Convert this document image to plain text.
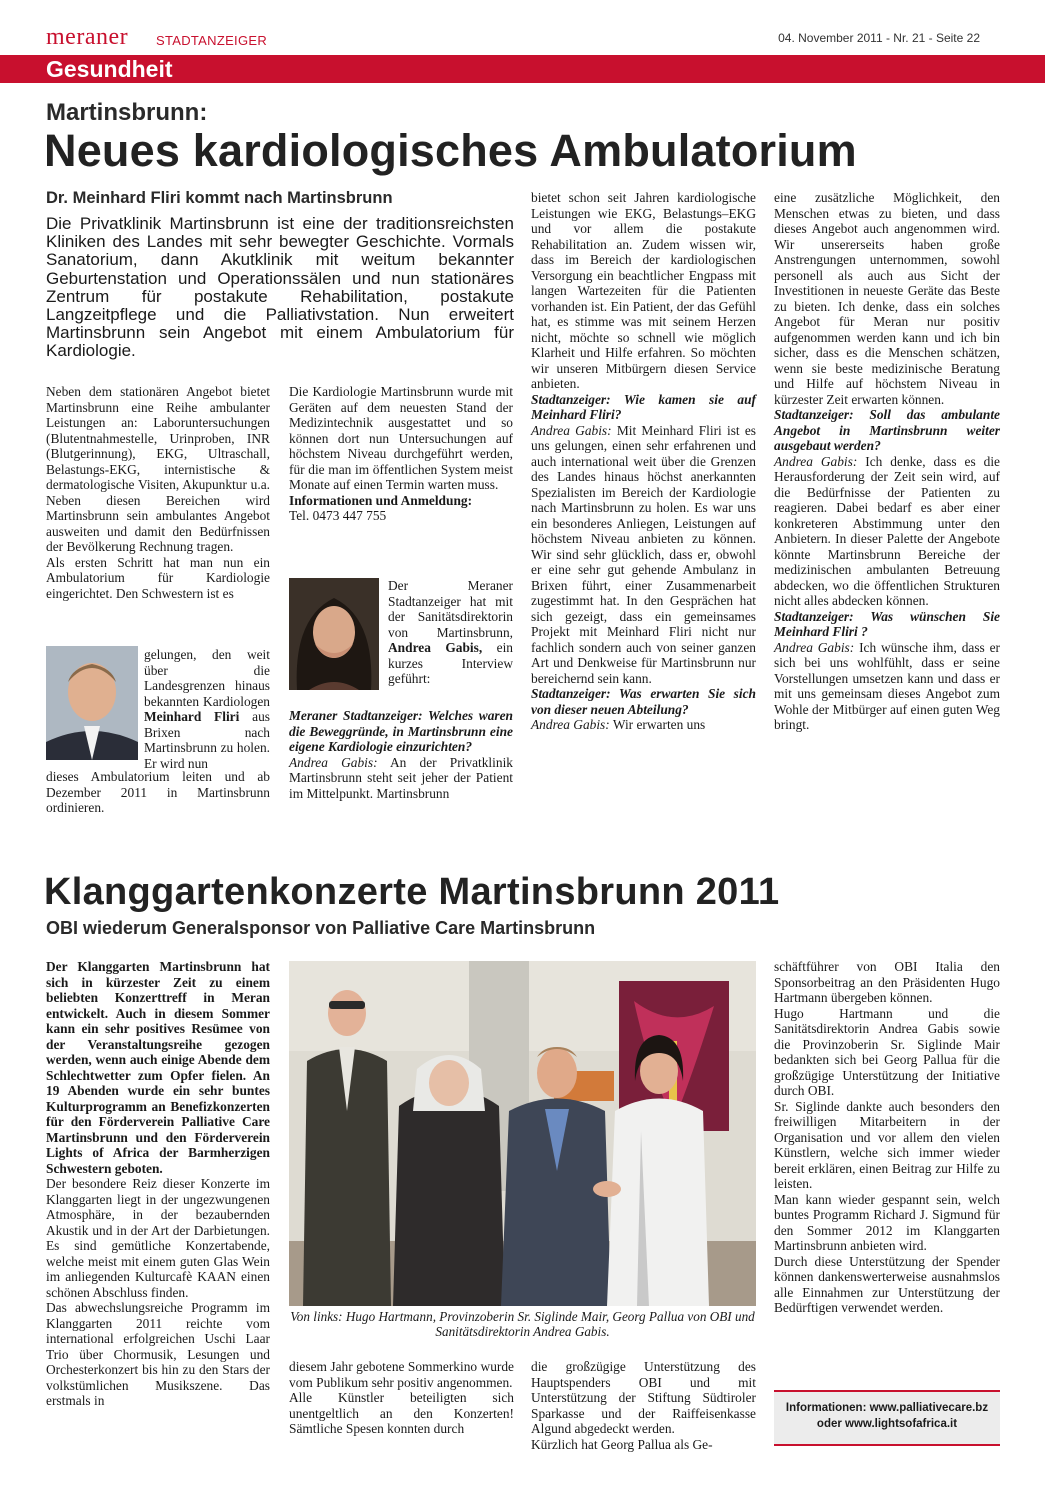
meraner STADTANZEIGER	04. November 2011 - Nr. 21 - Seite 22
Gesundheit
Martinsbrunn:
Neues kardiologisches Ambulatorium
Dr. Meinhard Fliri kommt nach Martinsbrunn
Die Privatklinik Martinsbrunn ist eine der traditionsreichsten Kliniken des Landes mit sehr bewegter Geschichte. Vormals Sanatorium, dann Akutklinik mit weitum bekannter Geburtenstation und Operationssälen und nun stationäres Zentrum für postakute Rehabilitation, postakute Langzeitpflege und die Palliativstation. Nun erweitert Martinsbrunn sein Angebot mit einem Ambulatorium für Kardiologie.

Neben dem stationären Angebot bietet Martinsbrunn eine Reihe ambulanter Leistungen an: Laboruntersuchungen (Blutentnahmestelle, Urinproben, INR (Blutgerinnung), EKG, Ultraschall, Belastungs-EKG, internistische & dermatologische Visiten, Akupunktur u.a. Neben diesen Bereichen wird Martinsbrunn sein ambulantes Angebot ausweiten und damit den Bedürfnissen der Bevölkerung Rechnung tragen.

Als ersten Schritt hat man nun ein Ambulatorium für Kardiologie eingerichtet. Den Schwestern ist es

gelungen, den weit über die Landesgrenzen hinaus bekannten Kardiologen Meinhard Fliri aus Brixen nach Martinsbrunn zu holen. Er wird nun

dieses Ambulatorium leiten und ab Dezember 2011 in Martinsbrunn ordinieren.

Die Kardiologie Martinsbrunn wurde mit Geräten auf dem neuesten Stand der Medizintechnik ausgestattet und so können dort nun Untersuchungen auf höchstem Niveau durchgeführt werden, für die man im öffentlichen System meist Monate auf einen Termin warten muss.

Informationen und Anmeldung:

Tel. 0473 447 755

Der Meraner Stadtanzeiger hat mit der Sanitätsdirektorin von Martinsbrunn, Andrea Gabis, ein kurzes Interview geführt:

Meraner Stadtanzeiger: Welches waren die Beweggründe, in Martinsbrunn eine eigene Kardiologie einzurichten?

Andrea Gabis: An der Privatklinik Martinsbrunn steht seit jeher der Patient im Mittelpunkt. Martinsbrunn

bietet schon seit Jahren kardiologische Leistungen wie EKG, Belastungs–EKG und vor allem die postakute Rehabilitation an. Zudem wissen wir, dass im Bereich der kardiologischen Versorgung ein beachtlicher Engpass mit langen Wartezeiten für die Patienten vorhanden ist. Ein Patient, der das Gefühl hat, es stimme was mit seinem Herzen nicht, möchte so schnell wie möglich Klarheit und Hilfe erfahren. So möchten wir unseren Mitbürgern diesen Service anbieten.

Stadtanzeiger: Wie kamen sie auf Meinhard Fliri?

Andrea Gabis: Mit Meinhard Fliri ist es uns gelungen, einen sehr erfahrenen und auch international weit über die Grenzen des Landes hinaus höchst anerkannten Spezialisten im Bereich der Kardiologie nach Martinsbrunn zu holen. Es war uns ein besonderes Anliegen, Leistungen auf höchstem Niveau anbieten zu können. Wir sind sehr glücklich, dass er, obwohl er eine sehr gut gehende Ambulanz in Brixen führt, einer Zusammenarbeit zugestimmt hat. In den Gesprächen hat sich gezeigt, dass ein gemeinsames Projekt mit Meinhard Fliri nicht nur fachlich sondern auch von seiner ganzen Art und Denkweise für Martinsbrunn nur bereichernd sein kann.

Stadtanzeiger: Was erwarten Sie sich von dieser neuen Abteilung?

Andrea Gabis: Wir erwarten uns

eine zusätzliche Möglichkeit, den Menschen etwas zu bieten, und dass dieses Angebot auch angenommen wird. Wir unsererseits haben große Anstrengungen unternommen, sowohl personell als auch aus Sicht der Investitionen in neueste Geräte das Beste zu bieten. Ich denke, dass ein solches Angebot für Meran nur positiv aufgenommen werden kann und ich bin sicher, dass es die Menschen schätzen, wenn sie beste medizinische Beratung und Hilfe auf höchstem Niveau in kürzester Zeit erwarten können.

Stadtanzeiger: Soll das ambulante Angebot in Martinsbrunn weiter ausgebaut werden?

Andrea Gabis: Ich denke, dass es die Herausforderung der Zeit sein wird, auf die Bedürfnisse der Patienten zu reagieren. Dabei bedarf es aber einer konkreteren Abstimmung unter den Anbietern. In dieser Palette der Angebote könnte Martinsbrunn Bereiche der medizinischen ambulanten Betreuung abdecken, wo die öffentlichen Strukturen nicht alles abdecken können.

Stadtanzeiger: Was wünschen Sie Meinhard Fliri ?

Andrea Gabis: Ich wünsche ihm, dass er sich bei uns wohlfühlt, dass er seine Vorstellungen umsetzen kann und dass er mit uns gemeinsam dieses Angebot zum Wohle der Mitbürger auf einen guten Weg bringt.

Klanggartenkonzerte Martinsbrunn 2011
OBI wiederum Generalsponsor von Palliative Care Martinsbrunn

Der Klanggarten Martinsbrunn hat sich in kürzester Zeit zu einem beliebten Konzerttreff in Meran entwickelt. Auch in diesem Sommer kann ein sehr positives Resümee von der Veranstaltungsreihe gezogen werden, wenn auch einige Abende dem Schlechtwetter zum Opfer fielen. An 19 Abenden wurde ein sehr buntes Kulturprogramm an Benefizkonzerten für den Förderverein Palliative Care Martinsbrunn und den Förderverein Lights of Africa der Barmherzigen Schwestern geboten.

Der besondere Reiz dieser Konzerte im Klanggarten liegt in der ungezwungenen Atmosphäre, in der bezaubernden Akustik und in der Art der Darbietungen. Es sind gemütliche Konzertabende, welche meist mit einem guten Glas Wein im anliegenden Kulturcafè KAAN einen schönen Abschluss finden.

Das abwechslungsreiche Programm im Klanggarten 2011 reichte vom international erfolgreichen Uschi Laar Trio über Chormusik, Lesungen und Orchesterkonzert bis hin zu den Stars der volkstümlichen Musikszene. Das erstmals in

Von links: Hugo Hartmann, Provinzoberin Sr. Siglinde Mair, Georg Pallua von OBI und Sanitätsdirektorin Andrea Gabis.

diesem Jahr gebotene Sommerkino wurde vom Publikum sehr positiv angenommen.

Alle Künstler beteiligten sich unentgeltlich an den Konzerten! Sämtliche Spesen konnten durch

die großzügige Unterstützung des Hauptspenders OBI und mit Unterstützung der Stiftung Südtiroler Sparkasse und der Raiffeisenkasse Algund abgedeckt werden.

Kürzlich hat Georg Pallua als Ge-

schäftführer von OBI Italia den Sponsorbeitrag an den Präsidenten Hugo Hartmann übergeben können.

Hugo Hartmann und die Sanitätsdirektorin Andrea Gabis sowie die Provinzoberin Sr. Siglinde Mair bedankten sich bei Georg Pallua für die großzügige Unterstützung der Initiative durch OBI.

Sr. Siglinde dankte auch besonders den freiwilligen Mitarbeitern in der Organisation und vor allem den vielen Künstlern, welche sich immer wieder bereit erklären, einen Beitrag zur Hilfe zu leisten.

Man kann wieder gespannt sein, welch buntes Programm Richard J. Sigmund für den Sommer 2012 im Klanggarten Martinsbrunn anbieten wird.

Durch diese Unterstützung der Spender können dankenswerterweise ausnahmslos alle Einnahmen zur Unterstützung der Bedürftigen verwendet werden.

Informationen: www.palliativecare.bz
oder www.lightsofafrica.it
